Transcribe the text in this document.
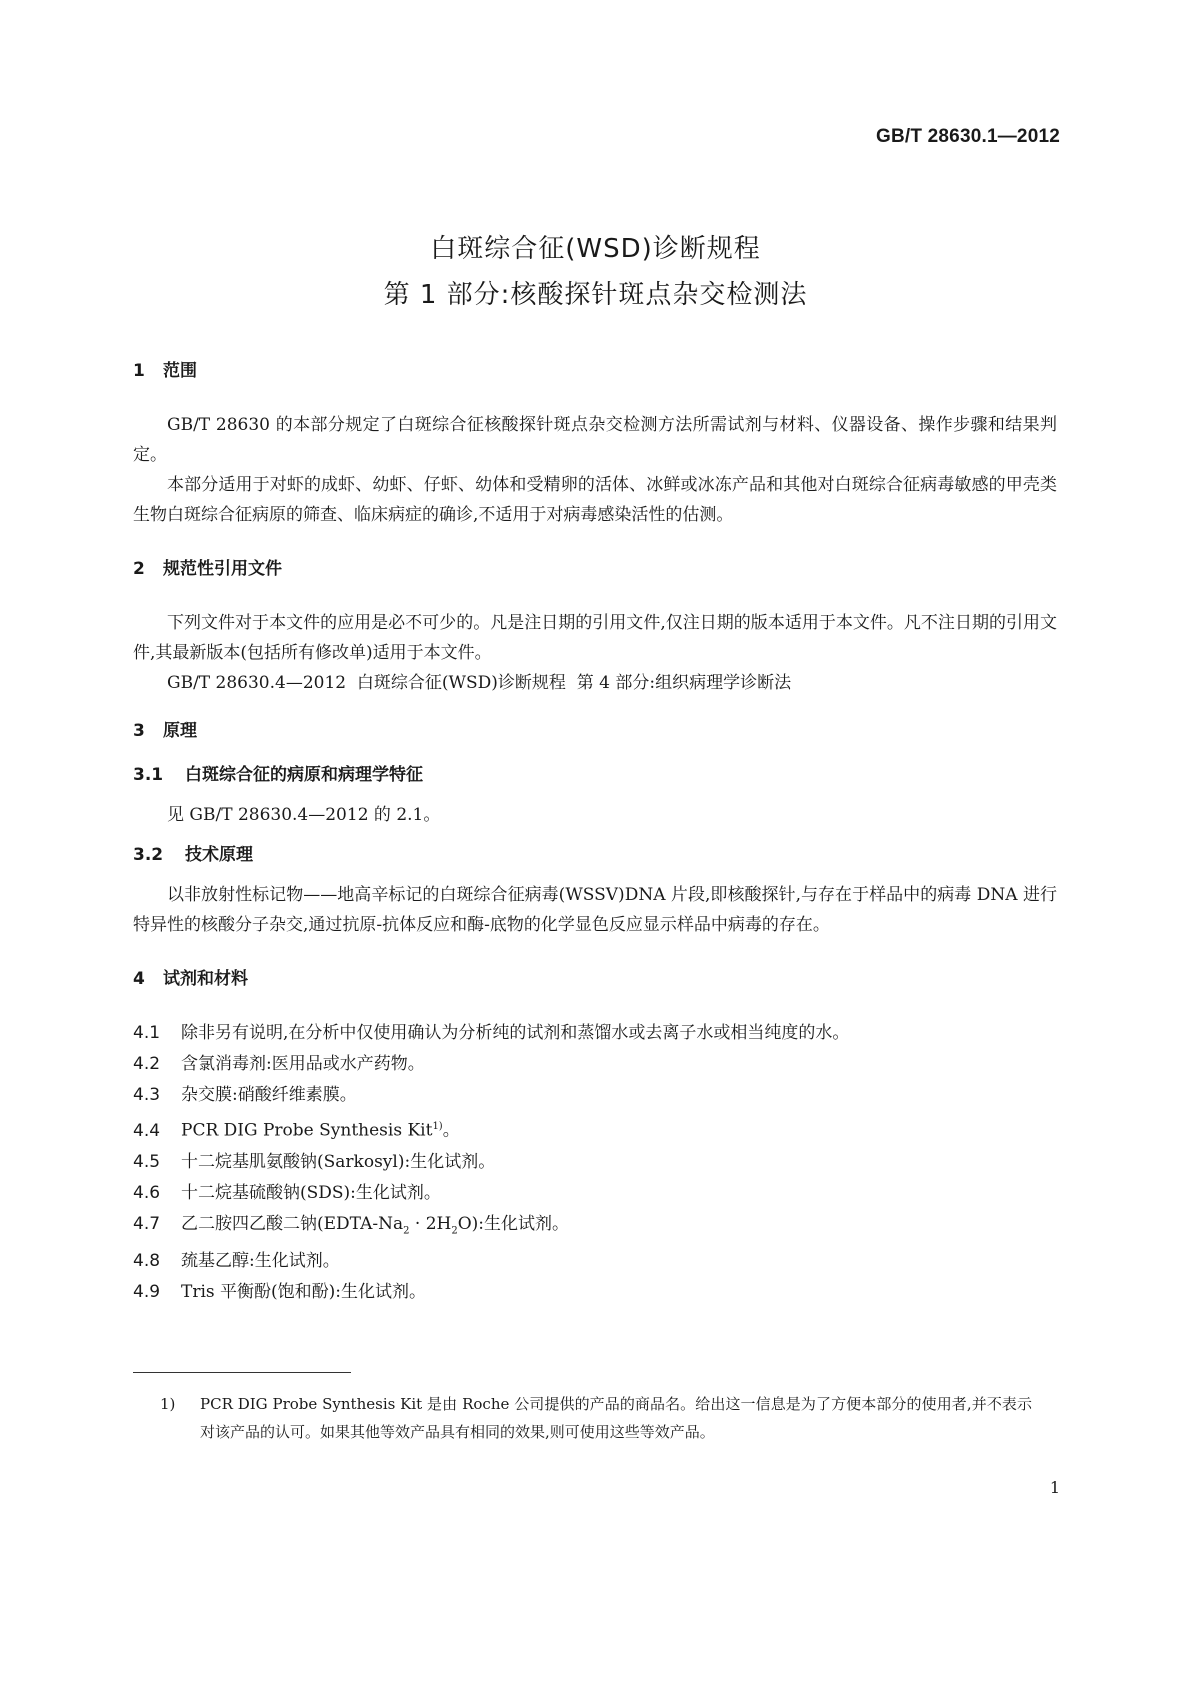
GB/T 28630.1—2012
白斑综合征(WSD)诊断规程
第 1 部分:核酸探针斑点杂交检测法
1 范围

GB/T 28630 的本部分规定了白斑综合征核酸探针斑点杂交检测方法所需试剂与材料、仪器设备、操作步骤和结果判定。

本部分适用于对虾的成虾、幼虾、仔虾、幼体和受精卵的活体、冰鲜或冰冻产品和其他对白斑综合征病毒敏感的甲壳类生物白斑综合征病原的筛查、临床病症的确诊,不适用于对病毒感染活性的估测。

2 规范性引用文件

下列文件对于本文件的应用是必不可少的。凡是注日期的引用文件,仅注日期的版本适用于本文件。凡不注日期的引用文件,其最新版本(包括所有修改单)适用于本文件。

GB/T 28630.4—2012  白斑综合征(WSD)诊断规程  第 4 部分:组织病理学诊断法

3 原理
3.1 白斑综合征的病原和病理学特征

见 GB/T 28630.4—2012 的 2.1。

3.2 技术原理

以非放射性标记物——地高辛标记的白斑综合征病毒(WSSV)DNA 片段,即核酸探针,与存在于样品中的病毒 DNA 进行特异性的核酸分子杂交,通过抗原-抗体反应和酶-底物的化学显色反应显示样品中病毒的存在。

4 试剂和材料

4.1 除非另有说明,在分析中仅使用确认为分析纯的试剂和蒸馏水或去离子水或相当纯度的水。

4.2 含氯消毒剂:医用品或水产药物。

4.3 杂交膜:硝酸纤维素膜。

4.4 PCR DIG Probe Synthesis Kit$^{1)}$。

4.5 十二烷基肌氨酸钠(Sarkosyl):生化试剂。

4.6 十二烷基硫酸钠(SDS):生化试剂。

4.7 乙二胺四乙酸二钠$(EDTA-Na_2 \cdot 2H_2O)$:生化试剂。

4.8 巯基乙醇:生化试剂。

4.9 Tris 平衡酚(饱和酚):生化试剂。

1) PCR DIG Probe Synthesis Kit 是由 Roche 公司提供的产品的商品名。给出这一信息是为了方便本部分的使用者,并不表示对该产品的认可。如果其他等效产品具有相同的效果,则可使用这些等效产品。
1
